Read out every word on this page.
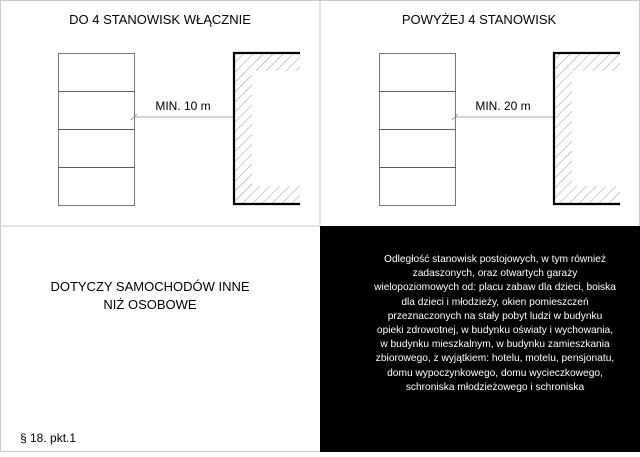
DO 4 STANOWISK WŁĄCZNIE
MIN. 10 m
POWYŻEJ 4 STANOWISK
MIN. 20 m
DOTYCZY SAMOCHODÓW INNE
NIŻ OSOBOWE
§ 18. pkt.1
Odległość stanowisk postojowych, w tym również zadaszonych, oraz otwartych garaży wielopoziomowych od: placu zabaw dla dzieci, boiska dla dzieci i młodzieży, okien pomieszczeń przeznaczonych na stały pobyt ludzi w budynku opieki zdrowotnej, w budynku oświaty i wychowania, w budynku mieszkalnym, w budynku zamieszkania zbiorowego, z wyjątkiem: hotelu, motelu, pensjonatu, domu wypoczynkowego, domu wycieczkowego, schroniska młodzieżowego i schroniska
